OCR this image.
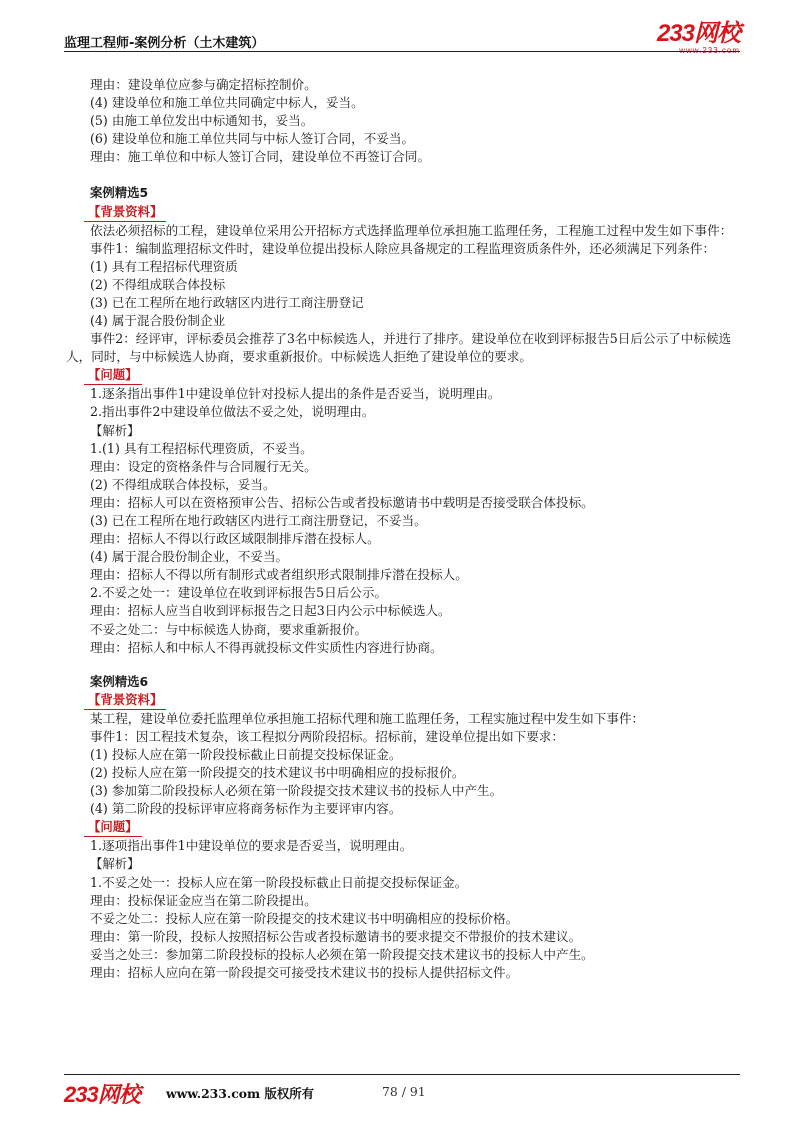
监理工程师-案例分析（土木建筑）	233网校
www.233.com
理由：建设单位应参与确定招标控制价。
(4) 建设单位和施工单位共同确定中标人，妥当。
(5) 由施工单位发出中标通知书，妥当。
(6) 建设单位和施工单位共同与中标人签订合同，不妥当。
理由：施工单位和中标人签订合同，建设单位不再签订合同。
案例精选5
【背景资料】
依法必须招标的工程，建设单位采用公开招标方式选择监理单位承担施工监理任务，工程施工过程中发生如下事件：
事件1：编制监理招标文件时，建设单位提出投标人除应具备规定的工程监理资质条件外，还必须满足下列条件：
(1) 具有工程招标代理资质
(2) 不得组成联合体投标
(3) 已在工程所在地行政辖区内进行工商注册登记
(4) 属于混合股份制企业
事件2：经评审，评标委员会推荐了3名中标候选人，并进行了排序。建设单位在收到评标报告5日后公示了中标候选人，同时，与中标候选人协商，要求重新报价。中标候选人拒绝了建设单位的要求。
【问题】
1.逐条指出事件1中建设单位针对投标人提出的条件是否妥当，说明理由。
2.指出事件2中建设单位做法不妥之处，说明理由。
【解析】
1.(1) 具有工程招标代理资质，不妥当。
理由：设定的资格条件与合同履行无关。
(2) 不得组成联合体投标，妥当。
理由：招标人可以在资格预审公告、招标公告或者投标邀请书中载明是否接受联合体投标。
(3) 已在工程所在地行政辖区内进行工商注册登记，不妥当。
理由：招标人不得以行政区域限制排斥潜在投标人。
(4) 属于混合股份制企业，不妥当。
理由：招标人不得以所有制形式或者组织形式限制排斥潜在投标人。
2.不妥之处一：建设单位在收到评标报告5日后公示。
理由：招标人应当自收到评标报告之日起3日内公示中标候选人。
不妥之处二：与中标候选人协商，要求重新报价。
理由：招标人和中标人不得再就投标文件实质性内容进行协商。
案例精选6
【背景资料】
某工程，建设单位委托监理单位承担施工招标代理和施工监理任务，工程实施过程中发生如下事件：
事件1：因工程技术复杂，该工程拟分两阶段招标。招标前，建设单位提出如下要求：
(1) 投标人应在第一阶段投标截止日前提交投标保证金。
(2) 投标人应在第一阶段提交的技术建议书中明确相应的投标报价。
(3) 参加第二阶段投标人必须在第一阶段提交技术建议书的投标人中产生。
(4) 第二阶段的投标评审应将商务标作为主要评审内容。
【问题】
1.逐项指出事件1中建设单位的要求是否妥当，说明理由。
【解析】
1.不妥之处一：投标人应在第一阶段投标截止日前提交投标保证金。
理由：投标保证金应当在第二阶段提出。
不妥之处二：投标人应在第一阶段提交的技术建议书中明确相应的投标价格。
理由：第一阶段，投标人按照招标公告或者投标邀请书的要求提交不带报价的技术建议。
妥当之处三：参加第二阶段投标的投标人必须在第一阶段提交技术建议书的投标人中产生。
理由：招标人应向在第一阶段提交可接受技术建议书的投标人提供招标文件。
233网校 www.233.com 版权所有	78 / 91
